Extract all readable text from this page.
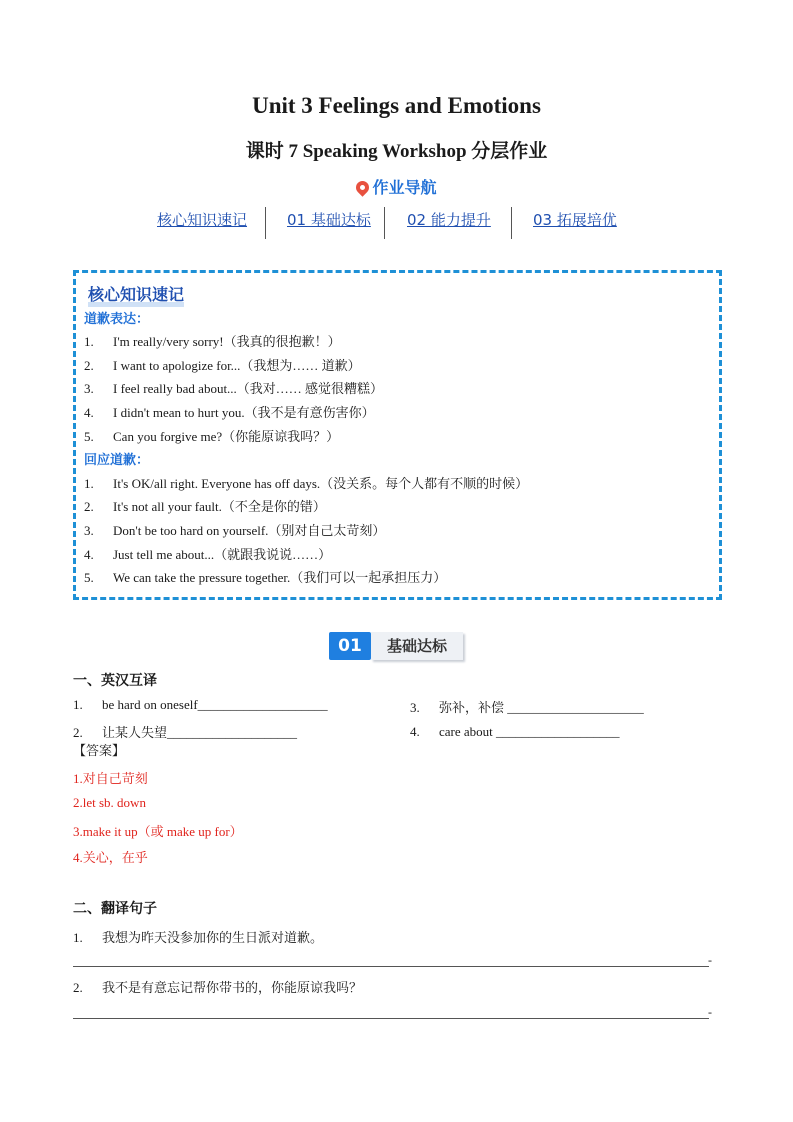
Unit 3 Feelings and Emotions
课时 7 Speaking Workshop 分层作业
作业导航
核心知识速记	01 基础达标 02 能力提升	03 拓展培优
核心知识速记
道歉表达：
1. I'm really/very sorry!（我真的很抱歉！）
2. I want to apologize for...（我想为…… 道歉）
3. I feel really bad about...（我对…… 感觉很糟糕）
4. I didn't mean to hurt you.（我不是有意伤害你）
5. Can you forgive me?（你能原谅我吗？）
回应道歉：
1. It's OK/all right. Everyone has off days.（没关系。每个人都有不顺的时候）
2. It's not all your fault.（不全是你的错）
3. Don't be too hard on yourself.（别对自己太苛刻）
4. Just tell me about...（就跟我说说……）
5. We can take the pressure together.（我们可以一起承担压力）
01	基础达标
一、英汉互译
1. be hard on oneself____________________	3. 弥补，补偿 _____________________
2. 让某人失望____________________	4. care about ___________________
【答案】
1.对自己苛刻
2.let sb. down
3.make it up（或 make up for）
4.关心，在乎
二、翻译句子
1. 我想为昨天没参加你的生日派对道歉。
-
2. 我不是有意忘记帮你带书的，你能原谅我吗？
-
